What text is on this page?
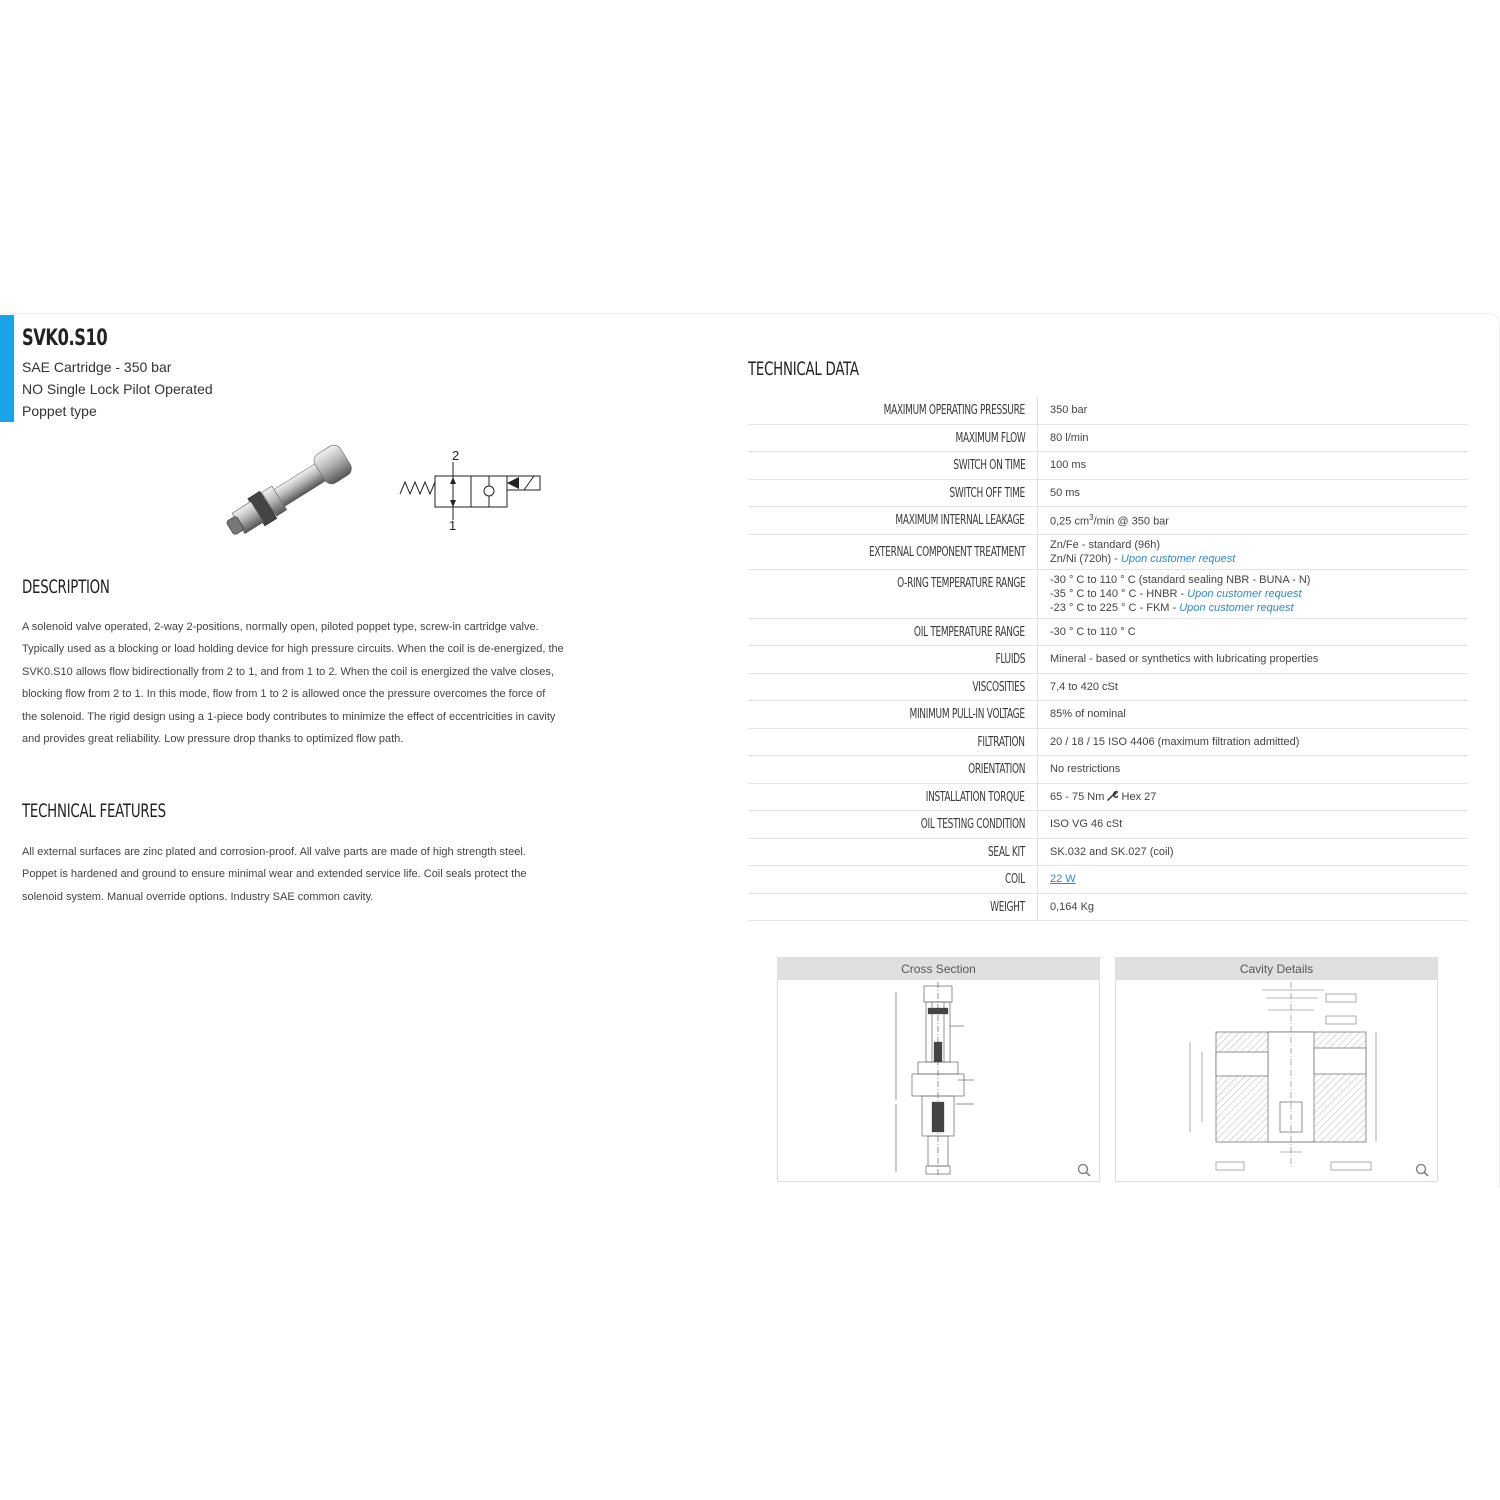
SVK0.S10
SAE Cartridge - 350 bar
NO Single Lock Pilot Operated
Poppet type
2
1
DESCRIPTION
A solenoid valve operated, 2-way 2-positions, normally open, piloted poppet type, screw-in cartridge valve.
Typically used as a blocking or load holding device for high pressure circuits. When the coil is de-energized, the
SVK0.S10 allows flow bidirectionally from 2 to 1, and from 1 to 2. When the coil is energized the valve closes,
blocking flow from 2 to 1. In this mode, flow from 1 to 2 is allowed once the pressure overcomes the force of
the solenoid. The rigid design using a 1-piece body contributes to minimize the effect of eccentricities in cavity
and provides great reliability. Low pressure drop thanks to optimized flow path.
TECHNICAL FEATURES
All external surfaces are zinc plated and corrosion-proof. All valve parts are made of high strength steel.
Poppet is hardened and ground to ensure minimal wear and extended service life. Coil seals protect the
solenoid system. Manual override options. Industry SAE common cavity.
TECHNICAL DATA
MAXIMUM OPERATING PRESSURE 350 bar
MAXIMUM FLOW 80 l/min
SWITCH ON TIME 100 ms
SWITCH OFF TIME 50 ms
MAXIMUM INTERNAL LEAKAGE 0,25 $cm^3/\min$ @ 350 bar
EXTERNAL COMPONENT TREATMENT Zn/Fe - standard (96h)
Zn/Ni (720h) - Upon customer request
O-RING TEMPERATURE RANGE -30 ° C to 110 ° C (standard sealing NBR - BUNA - N)
-35 ° C to 140 ° C - HNBR - Upon customer request
-23 ° C to 225 ° C - FKM - Upon customer request
OIL TEMPERATURE RANGE -30 ° C to 110 ° C
FLUIDS Mineral - based or synthetics with lubricating properties
VISCOSITIES 7,4 to 420 cSt
MINIMUM PULL-IN VOLTAGE 85% of nominal
FILTRATION 20 / 18 / 15 ISO 4406 (maximum filtration admitted)
ORIENTATION No restrictions
INSTALLATION TORQUE 65 - 75 Nm Hex 27
OIL TESTING CONDITION ISO VG 46 cSt
SEAL KIT SK.032 and SK.027 (coil)
COIL 22 W
WEIGHT 0,164 Kg
Cross Section	Cavity Details
